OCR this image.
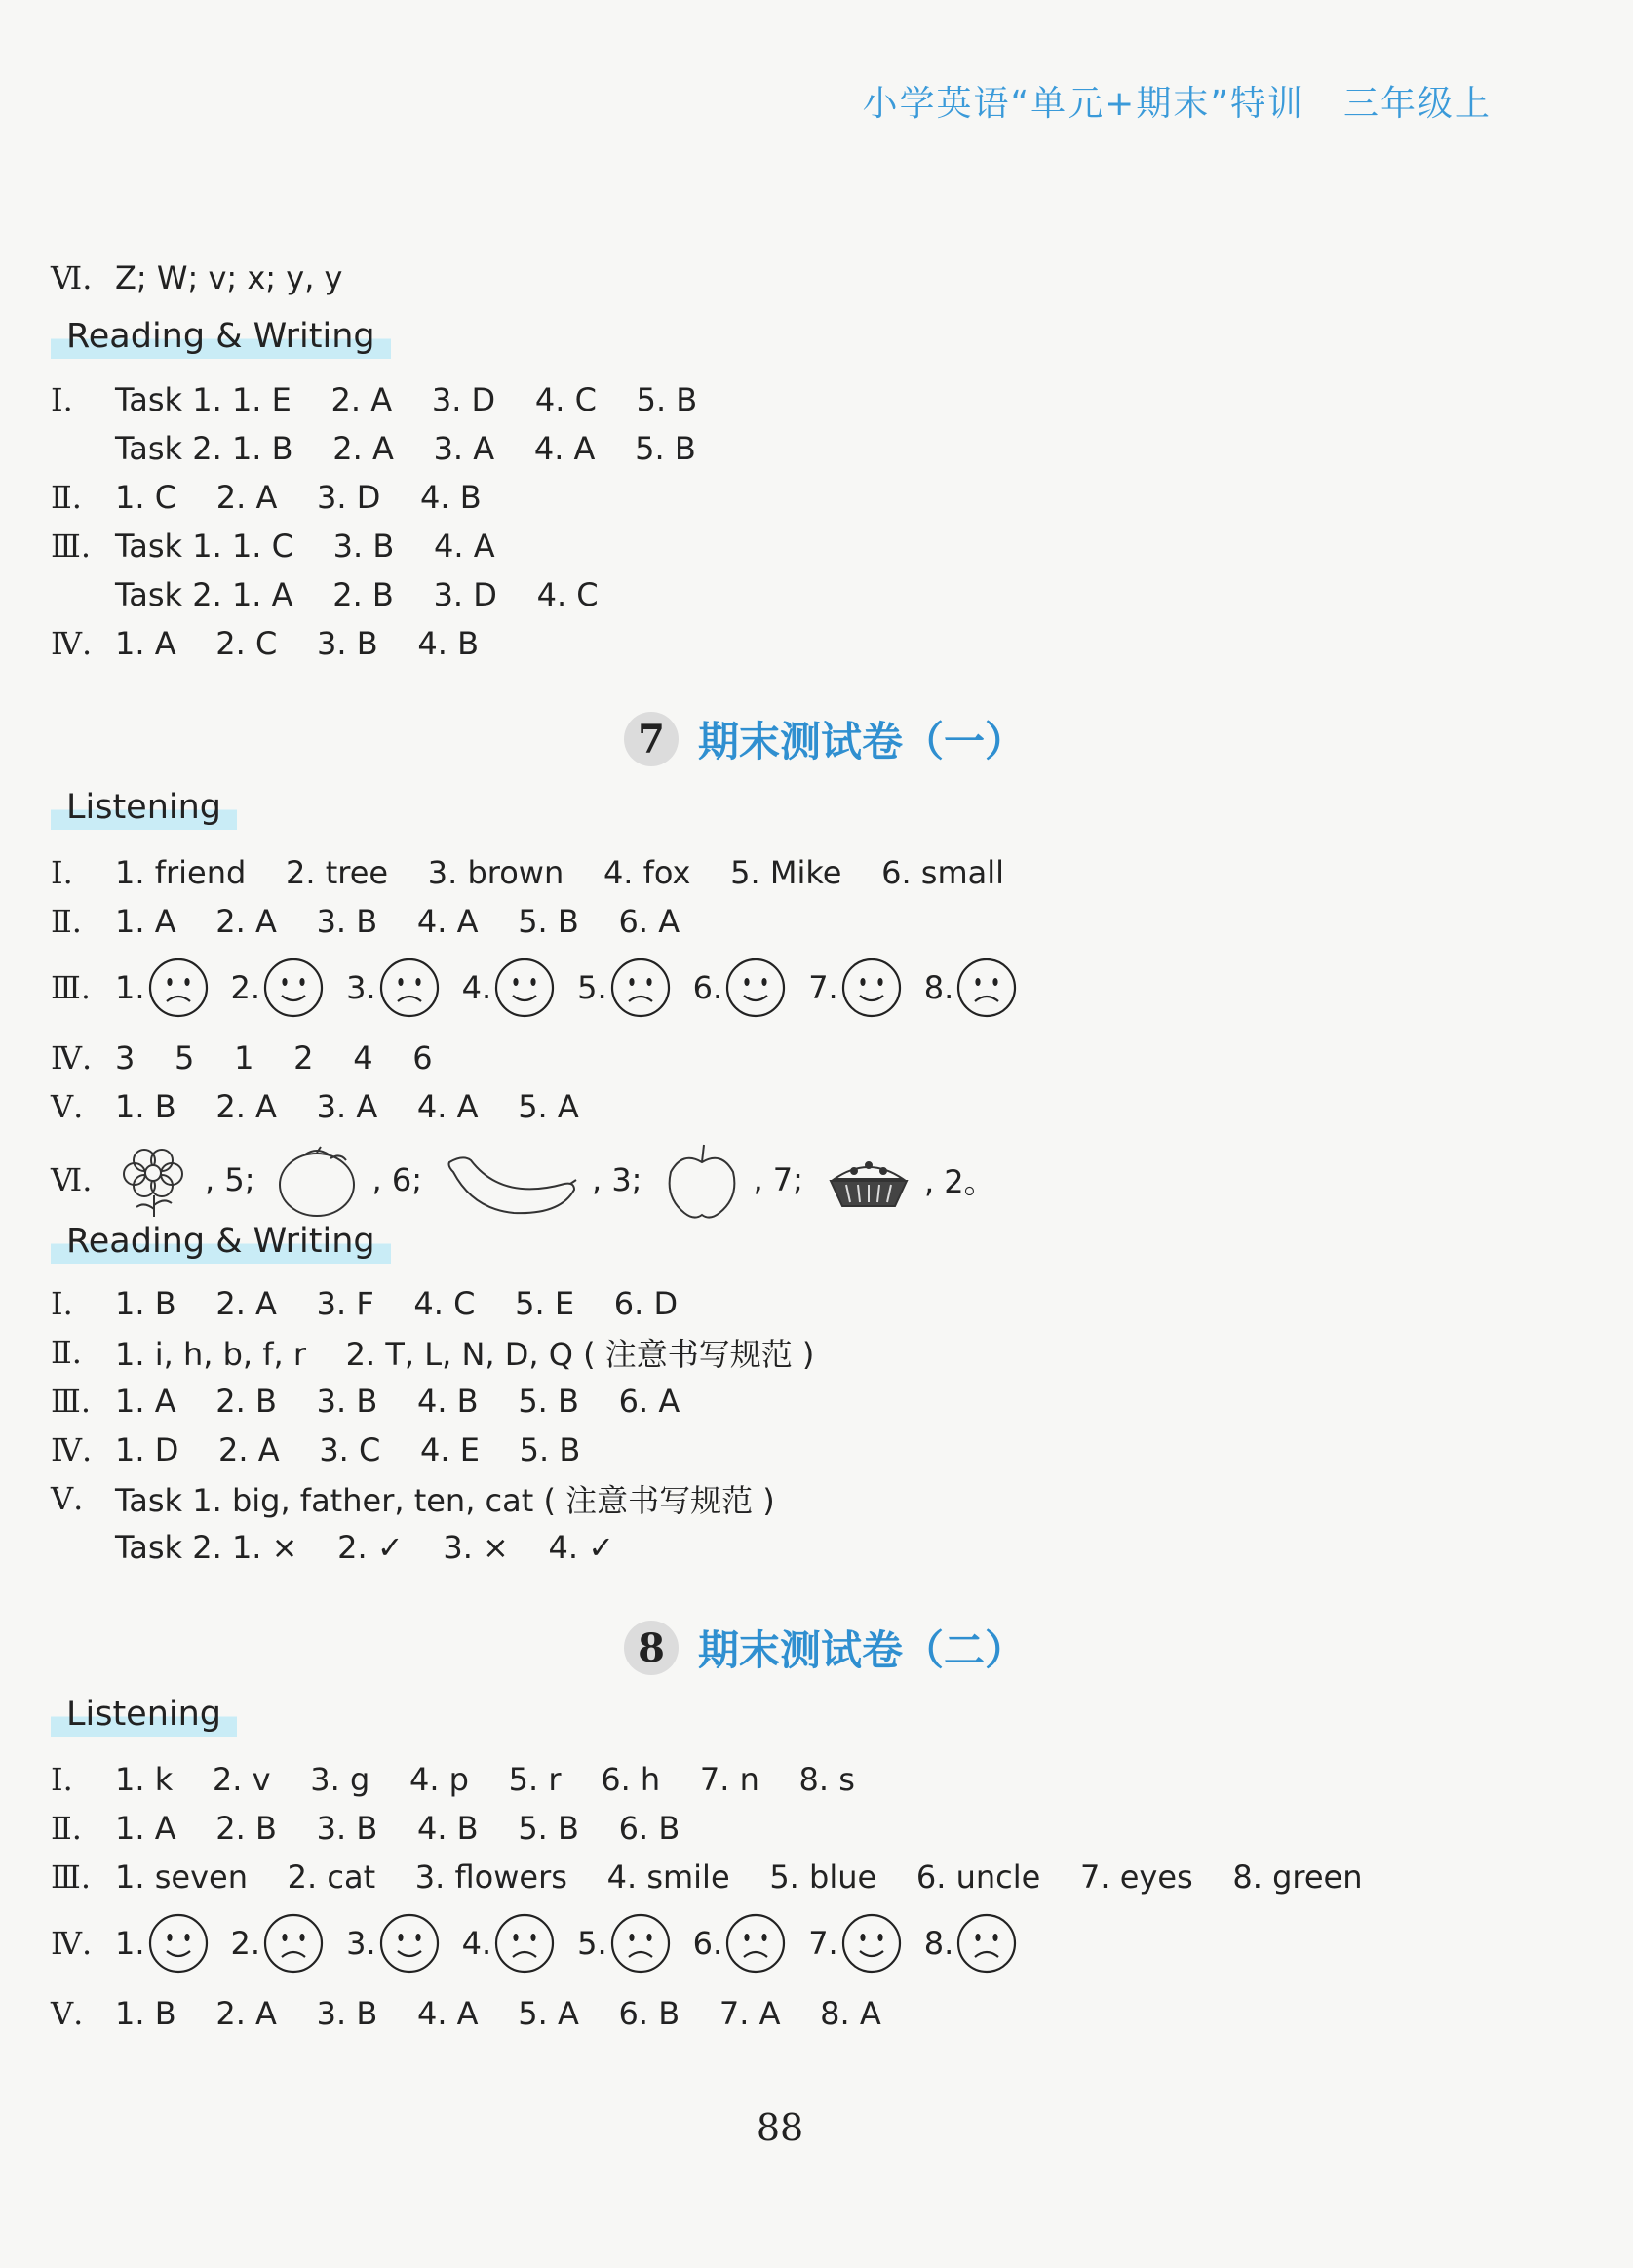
小学英语“单元+期末”特训 三年级上
Ⅵ. Z; W; v; x; y, y
Reading & Writing
Ⅰ.	Task 1. 1. E    2. A    3. D    4. C    5. B
Task 2. 1. B    2. A    3. A    4. A    5. B
Ⅱ.	1. C    2. A    3. D    4. B
Ⅲ. Task 1. 1. C    3. B    4. A
Task 2. 1. A    2. B    3. D    4. C
Ⅳ. 1. A    2. C    3. B    4. B
7 期末测试卷（一）
Listening
Ⅰ.	1. friend    2. tree    3. brown    4. fox    5. Mike    6. small
Ⅱ.	1. A    2. A    3. B    4. A    5. B    6. A
Ⅲ. 1.	2.	3.	4.	5.	6.	7.	8.
Ⅳ. 3    5    1    2    4    6
Ⅴ.	1. B    2. A    3. A    4. A    5. A
Ⅵ.	, 5;	, 6;	, 3;	, 7;	, 2。
Reading & Writing
Ⅰ.	1. B    2. A    3. F    4. C    5. E    6. D
Ⅱ.	1. i, h, b, f, r    2. T, L, N, D, Q ( 注意书写规范 )
Ⅲ. 1. A    2. B    3. B    4. B    5. B    6. A
Ⅳ. 1. D    2. A    3. C    4. E    5. B
Ⅴ.	Task 1. big, father, ten, cat ( 注意书写规范 )
Task 2. 1. ×    2. ✓    3. ×    4. ✓
8 期末测试卷（二）
Listening
Ⅰ.	1. k    2. v    3. g    4. p    5. r    6. h    7. n    8. s
Ⅱ.	1. A    2. B    3. B    4. B    5. B    6. B
Ⅲ. 1. seven    2. cat    3. flowers    4. smile    5. blue    6. uncle    7. eyes    8. green
Ⅳ. 1.	2.	3.	4.	5.	6.	7.	8.
Ⅴ.	1. B    2. A    3. B    4. A    5. A    6. B    7. A    8. A
88
